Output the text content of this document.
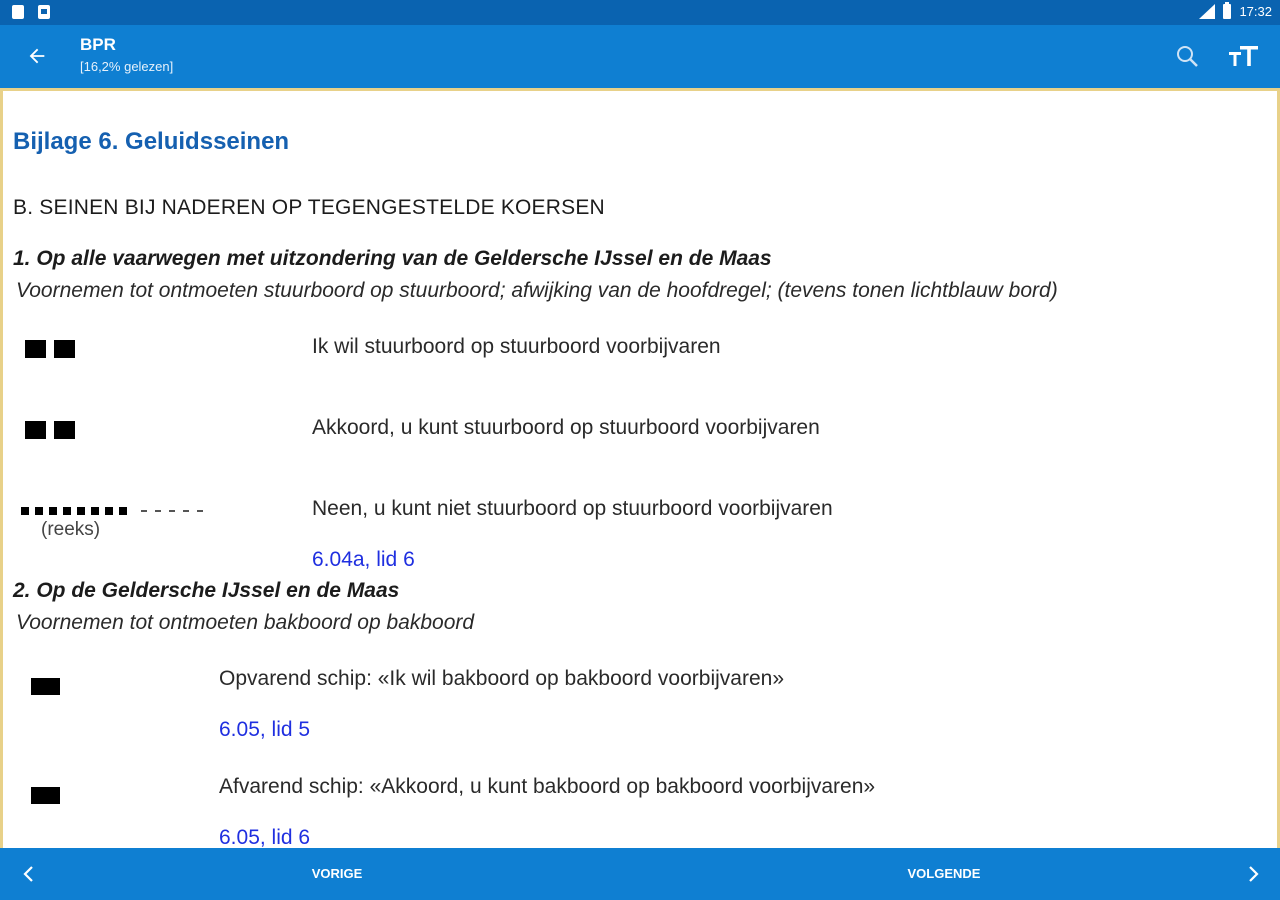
17:32
BPR
[16,2% gelezen]
Bijlage 6. Geluidsseinen
B. SEINEN BIJ NADEREN OP TEGENGESTELDE KOERSEN
1. Op alle vaarwegen met uitzondering van de Geldersche IJssel en de Maas
Voornemen tot ontmoeten stuurboord op stuurboord; afwijking van de hoofdregel; (tevens tonen lichtblauw bord)
Ik wil stuurboord op stuurboord voorbijvaren
Akkoord, u kunt stuurboord op stuurboord voorbijvaren
(reeks)
Neen, u kunt niet stuurboord op stuurboord voorbijvaren
6.04a, lid 6
2. Op de Geldersche IJssel en de Maas
Voornemen tot ontmoeten bakboord op bakboord
Opvarend schip: «Ik wil bakboord op bakboord voorbijvaren»
6.05, lid 5
Afvarend schip: «Akkoord, u kunt bakboord op bakboord voorbijvaren»
6.05, lid 6
VORIGE	VOLGENDE
